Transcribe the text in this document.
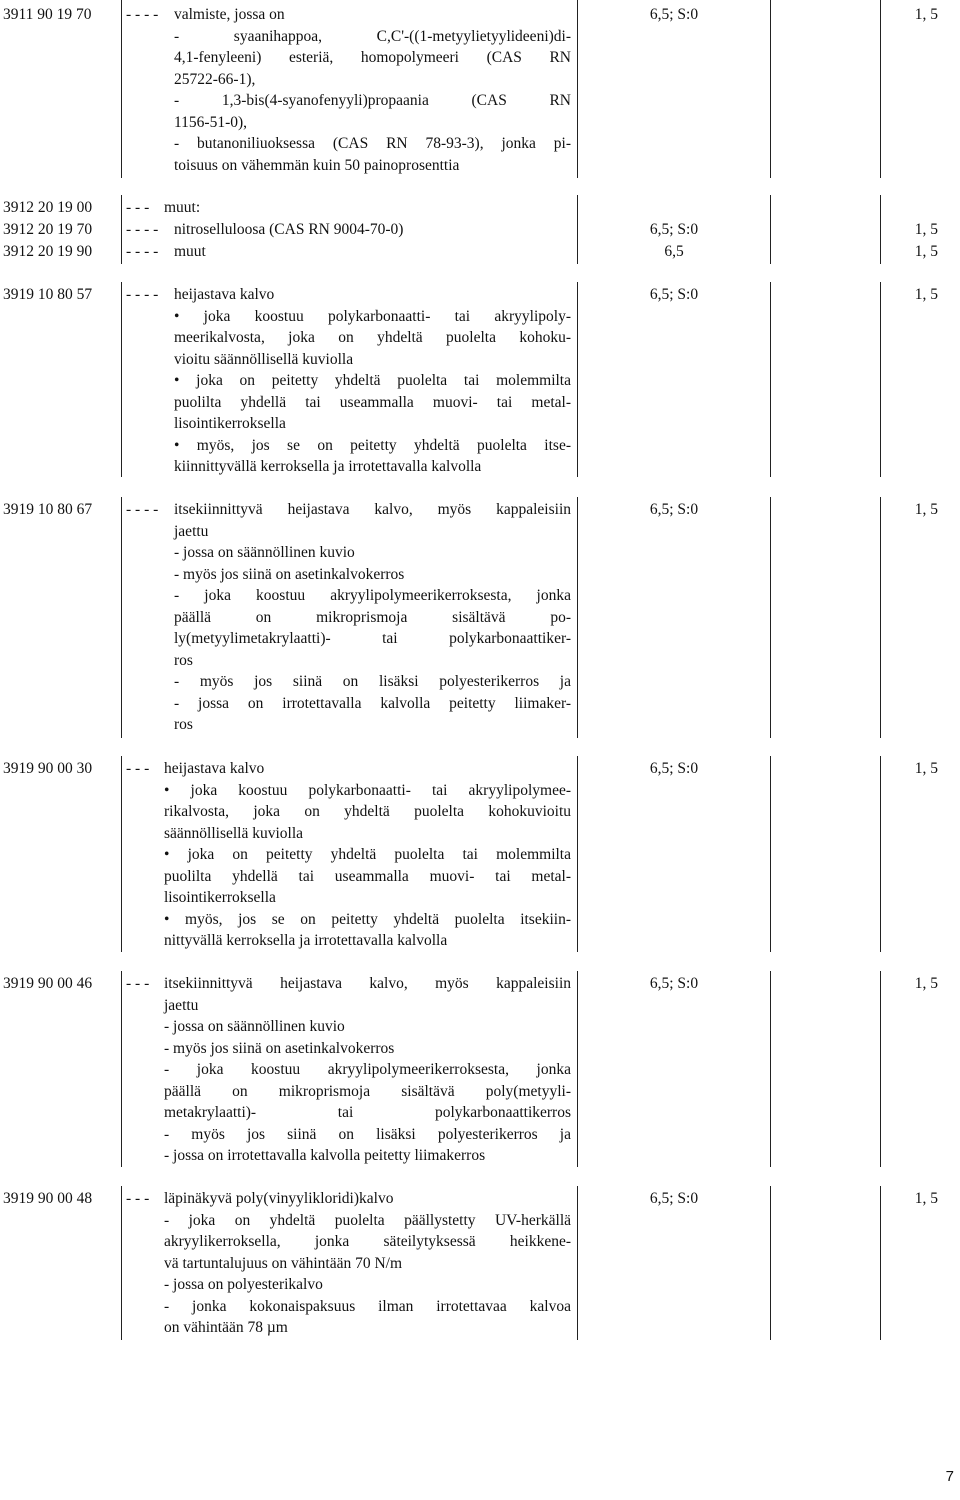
3911 90 19 70 - - - - valmiste, jossa on
- syaanihappoa, C,C'-((1-metyylietyylideeni)di-
4,1-fenyleeni) esteriä, homopolymeeri (CAS RN
25722-66-1),
- 1,3-bis(4-syanofenyyli)propaania (CAS RN
1156-51-0),
- butanoniliuoksessa (CAS RN 78-93-3), jonka pi-
toisuus on vähemmän kuin 50 painoprosenttia
6,5; S:0	1, 5
3912 20 19 00 - - - muut:
3912 20 19 70 - - - - nitroselluloosa (CAS RN 9004-70-0)	6,5; S:0	1, 5
3912 20 19 90 - - - - muut	6,5	1, 5
3919 10 80 57 - - - - heijastava kalvo
• joka koostuu polykarbonaatti- tai akryylipoly-
meerikalvosta, joka on yhdeltä puolelta kohoku-
vioitu säännöllisellä kuviolla
• joka on peitetty yhdeltä puolelta tai molemmilta
puolilta yhdellä tai useammalla muovi- tai metal-
lisointikerroksella
• myös, jos se on peitetty yhdeltä puolelta itse-
kiinnittyvällä kerroksella ja irrotettavalla kalvolla
6,5; S:0	1, 5
3919 10 80 67 - - - - itsekiinnittyvä heijastava kalvo, myös kappaleisiin
jaettu
- jossa on säännöllinen kuvio
- myös jos siinä on asetinkalvokerros
- joka koostuu akryylipolymeerikerroksesta, jonka
päällä on mikroprismoja sisältävä po-
ly(metyylimetakrylaatti)- tai polykarbonaattiker-
ros
- myös jos siinä on lisäksi polyesterikerros ja
- jossa on irrotettavalla kalvolla peitetty liimaker-
ros
6,5; S:0	1, 5
3919 90 00 30 - - - heijastava kalvo
• joka koostuu polykarbonaatti- tai akryylipolymee-
rikalvosta, joka on yhdeltä puolelta kohokuvioitu
säännöllisellä kuviolla
• joka on peitetty yhdeltä puolelta tai molemmilta
puolilta yhdellä tai useammalla muovi- tai metal-
lisointikerroksella
• myös, jos se on peitetty yhdeltä puolelta itsekiin-
nittyvällä kerroksella ja irrotettavalla kalvolla
6,5; S:0	1, 5
3919 90 00 46 - - - itsekiinnittyvä heijastava kalvo, myös kappaleisiin
jaettu
- jossa on säännöllinen kuvio
- myös jos siinä on asetinkalvokerros
- joka koostuu akryylipolymeerikerroksesta, jonka
päällä on mikroprismoja sisältävä poly(metyyli-
metakrylaatti)- tai polykarbonaattikerros
- myös jos siinä on lisäksi polyesterikerros ja
- jossa on irrotettavalla kalvolla peitetty liimakerros
6,5; S:0	1, 5
3919 90 00 48 - - - läpinäkyvä poly(vinyylikloridi)kalvo
- joka on yhdeltä puolelta päällystetty UV-herkällä
akryylikerroksella, jonka säteilytyksessä heikkene-
vä tartuntalujuus on vähintään 70 N/m
- jossa on polyesterikalvo
- jonka kokonaispaksuus ilman irrotettavaa kalvoa
on vähintään 78 µm
6,5; S:0	1, 5
7
